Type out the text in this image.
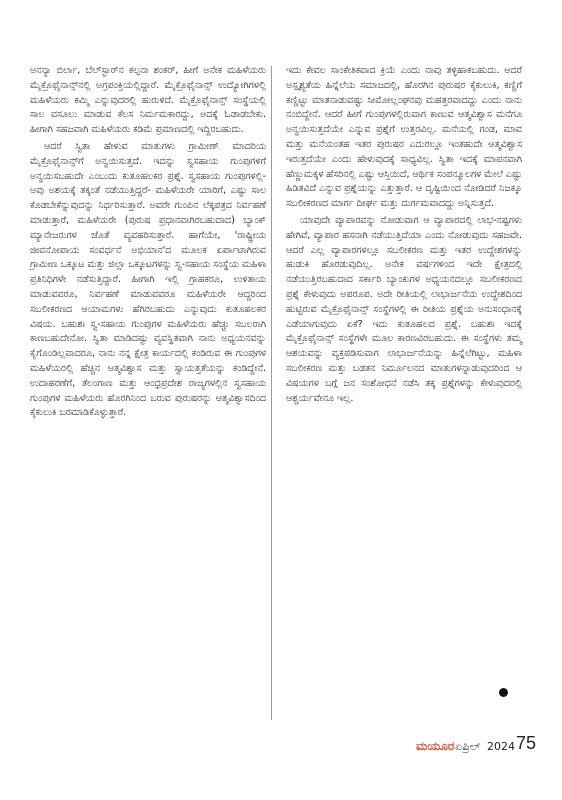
ಅನನ್ಯಾ ಬಿರ್ಲಾ, ಬೆಲ್‌ಸ್ಟಾರ್‌ನ ಕಲ್ಪನಾ ಶಂಕರ್, ಹೀಗೆ ಅನೇಕ ಮಹಿಳೆಯರು ಮೈಕ್ರೊಫೈನಾನ್ಸ್‌ನಲ್ಲಿ ಅಗ್ರಪಂಕ್ತಿಯಲ್ಲಿದ್ದಾರೆ. ಮೈಕ್ರೊಫೈನಾನ್ಸ್ ಉದ್ಯೋಗಿಗಳಲ್ಲಿ ಮಹಿಳೆಯರು ಕಮ್ಮಿ ಎನ್ನುವುದರಲ್ಲಿ ಹುರುಳಿದೆ. ಮೈಕ್ರೊಫೈನಾನ್ಸ್ ಸಂಸ್ಥೆಯಲ್ಲಿ ಸಾಲ ವಸೂಲು ಮಾಡುವ ಕೆಲಸ ನಿರ್ಮಮಕಾರದ್ದು, ಅದಕ್ಕೆ ಓಡಾಡಬೇಕು. ಹೀಗಾಗಿ ಸಹಜವಾಗಿ ಮಹಿಳೆಯರು ಕಡಿಮೆ ಪ್ರಮಾಣದಲ್ಲಿ ಇದ್ದಿರಬಹುದು.

ಆದರೆ ಸ್ವಿತಾ ಹೇಳುವ ಮಾತುಗಳು ಗ್ರಾಮೀಣ್ ಮಾದರಿಯ ಮೈಕ್ರೊಫೈನಾನ್ಸ್‌ಗೆ ಅನ್ವಯಿಸುತ್ತದೆ. ಇದನ್ನು ಸ್ವಸಹಾಯ ಗುಂಪುಗಳಿಗೆ ಅನ್ವಯಿಸಬಹುದೇ ಎಂಬುದು ಕುತೂಹಲಕರ ಪ್ರಶ್ನೆ. ಸ್ವಸಹಾಯ ಗುಂಪುಗಳಲ್ಲಿ- ಅವು ಅಶಯಕ್ಕೆ ತಕ್ಕಂತೆ ನಡೆಯುತ್ತಿದ್ದರೆ- ಮಹಿಳೆಯರೇ ಯಾರಿಗೆ, ಎಷ್ಟು ಸಾಲ ಕೊಡಬೇಕೆನ್ನುವುದನ್ನು ನಿರ್ಧರಿಸುತ್ತಾರೆ. ಅವರೇ ಗುಂಪಿನ ಲೆಕ್ಕಪತ್ರದ ನಿರ್ವಹಣೆ ಮಾಡುತ್ತಾರೆ, ಮಹಿಳೆಯರೇ (ಪುರುಷ ಪ್ರಧಾನವಾಗಿರಬಹುದಾದ) ಬ್ಯಾಂಕ್ ಮ್ಯಾನೇಜರುಗಳ ಜೊತೆ ವ್ಯವಹರಿಸುತ್ತಾರೆ. ಹಾಗೆಯೇ, 'ರಾಷ್ಟ್ರೀಯ ಜೀವನೋಪಾಯ ಸಂವರ್ಧನೆ ಅಭಿಯಾನ'ದ ಮೂಲಕ ಏರ್ಪಾಟಾಗಿರುವ ಗ್ರಾಮೀಣ ಒಕ್ಕೂಟ ಮತ್ತು ಜಿಲ್ಲಾ ಒಕ್ಕೂಟಗಳನ್ನು ಸ್ವ-ಸಹಾಯ ಸಂಸ್ಥೆಯ ಮಹಿಳಾ ಪ್ರತಿನಿಧಿಗಳೇ ನಡೆಸುತ್ತಿದ್ದಾರೆ. ಹೀಗಾಗಿ ಇಲ್ಲಿ ಗ್ರಾಹಕರೂ, ಉಳಿತಾಯ ಮಾಡುವವರೂ, ನಿರ್ವಹಣೆ ಮಾಡುವವರೂ ಮಹಿಳೆಯರೇ ಆದ್ದರಿಂದ ಸಬಲೀಕರಣದ ಆಯಾಮಗಳು ಹೆಗಿರಬಹುದು ಎನ್ನುವುದು ಕುತೂಹಲಕರ ವಿಷಯ. ಬಹುಶಃ ಸ್ವ-ಸಹಾಯ ಗುಂಪುಗಳ ಮಹಿಳೆಯರು ಹೆಚ್ಚು ಸಬಲರಾಗಿ ಕಾಣಬಹುದೇನೋ. ಸ್ವಿತಾ ಮಾಡಿದಷ್ಟು ವ್ಯವಸ್ಥಿತವಾಗಿ ನಾನು ಅಧ್ಯಯನವನ್ನು ಕೈಗೊಂಡಿಲ್ಲವಾದರೂ, ನಾನು ನನ್ನ ಕ್ಷೇತ್ರ ಕಾರ್ಯದಲ್ಲಿ ಕಂಡಿರುವ ಈ ಗುಂಪುಗಳ ಮಹಿಳೆಯರಲ್ಲಿ ಹೆಚ್ಚಿನ ಆತ್ಮವಿಶ್ವಾಸ ಮತ್ತು ಸ್ವಾಯತ್ತತೆಯನ್ನು ಕಂಡಿದ್ದೇನೆ. ಉದಾಹರಣೆಗೆ, ತೆಲಂಗಾಣ ಮತ್ತು ಆಂಧ್ರಪ್ರದೇಶ ರಾಜ್ಯಗಳಲ್ಲಿನ ಸ್ವಸಹಾಯ ಗುಂಪುಗಳ ಮಹಿಳೆಯರು ಹೊರಗಿನಿಂದ ಬರುವ ಪುರುಷರನ್ನು ಆತ್ಮವಿಶ್ವಾಸದಿಂದ ಕೈಕುಲುಕಿ ಬರಮಾಡಿಕೊಳ್ಳುತ್ತಾರೆ.

ಇದು ಕೇವಲ ಸಾಂಕೇತಿಕವಾದ ಕ್ರಿಯೆ ಎಂದು ನಾವು ತಳ್ಳಿಹಾಕಬಹುದು. ಆದರೆ ಅಸ್ಪೃಶ್ಯತೆಯ ಹಿನ್ನೆಲೆಯ ಸಮಾಜದಲ್ಲಿ, ಹೊರಗಿನ ಪುರುಷರ ಕೈಕುಲುಕಿ, ಕಣ್ಣಿಗೆ ಕಣ್ಣಿಟ್ಟು ಮಾತನಾಡುವಷ್ಟು ಸೀಮೋಲ್ಲಂಘನವು ಮಹತ್ತರವಾದದ್ದು ಎಂದು ನಾನು ನಂಬಿದ್ದೇನೆ. ಆದರೆ ಹೀಗೆ ಗುಂಪುಗಳಲ್ಲಿರುವಾಗ ಕಾಣುವ ಆತ್ಮವಿಶ್ವಾಸ ಮನೆಗೂ ಅನ್ವಯಿಸುತ್ತದೆಯೇ ಎನ್ನುವ ಪ್ರಶ್ನೆಗೆ ಉತ್ತರವಿಲ್ಲ. ಮನೆಯಲ್ಲಿ ಗಂಡ, ಮಾವ ಮತ್ತು ಮನೆಯಂತಹ ಇತರ ಪುರುಷರ ಎದುರಲ್ಲೂ ಇಂತಹುದೇ ಆತ್ಮವಿಶ್ವಾಸ ಇರುತ್ತದೆಯೇ ಎಂದು ಹೇಳುವುದಕ್ಕೆ ಸಾಧ್ಯವಿಲ್ಲ. ಸ್ವಿತಾ ಇದಕ್ಕೆ ಮಾಪನವಾಗಿ ಹೆಣ್ಣುಮಕ್ಕಳ ಹೆಸರಿನಲ್ಲಿ ಎಷ್ಟು ಆಸ್ತಿಯಿದೆ, ಆರ್ಥಿಕ ಸಂಪನ್ಮೂಲಗಳ ಮೇಲೆ ಎಷ್ಟು ಹಿಡಿತವಿದೆ ಎನ್ನುವ ಪ್ರಶ್ನೆಯನ್ನು ಎತ್ತುತ್ತಾರೆ. ಆ ದೃಷ್ಟಿಯಿಂದ ನೋಡಿದರೆ ನಿಜಕ್ಕೂ ಸಬಲೀಕರಣದ ಮಾರ್ಗ ದೀರ್ಘ ಮತ್ತು ದುರ್ಗಮವಾದದ್ದು ಅನ್ನಿಸುತ್ತದೆ.

ಯಾವುದೇ ವ್ಯಾಪಾರವನ್ನು ನೋಡುವಾಗ ಆ ವ್ಯಾಪಾರದಲ್ಲಿ ಲಾಭ-ನಷ್ಟಗಳು ಹೇಗಿವೆ, ವ್ಯಾಪಾರ ಹಸನಾಗಿ ನಡೆಯುತ್ತಿದೆಯಾ ಎಂದು ನೋಡುವುದು ಸಹಜವೇ. ಆದರೆ ಎಲ್ಲ ವ್ಯಾಪಾರಗಳಲ್ಲೂ ಸಬಲೀಕರಣ ಮತ್ತು ಇತರ ಉದ್ದೇಶಗಳನ್ನು ಹುಡುಕಿ ಹೊರಡುವುದಿಲ್ಲ. ಅನೇಕ ವರ್ಷಗಳಿಂದ ಇದೇ ಕ್ಷೇತ್ರದಲ್ಲಿ ನಡೆಯುತ್ತಿರಬಹುದಾದ ಸರ್ಕಾರಿ ಬ್ಯಾಂಕುಗಳ ಅಧ್ಯಯನದಲ್ಲೂ ಸಬಲೀಕರಣದ ಪ್ರಶ್ನೆ ಕೇಳುವುದು ಅಪರೂಪ. ಅದೇ ರೀತಿಯಲ್ಲಿ ಲಾಭಾರ್ಜನೆಯ ಉದ್ದೇಶದಿಂದ ಹುಟ್ಟಿರುವ ಮೈಕ್ರೊಫೈನಾನ್ಸ್ ಸಂಸ್ಥೆಗಳಲ್ಲಿ ಈ ರೀತಿಯ ಪ್ರಶ್ನೆಯ ಅನುಸಂಧಾನಕ್ಕೆ ಎಡೆಯಾಗುವುದು ಏಕೆ? ಇದು ಕುತೂಹಲದ ಪ್ರಶ್ನೆ. ಬಹುಶಃ ಇದಕ್ಕೆ ಮೈಕ್ರೊಫೈನಾನ್ಸ್ ಸಂಸ್ಥೆಗಳೇ ಮೂಲ ಕಾರಣವಿರಬಹುದು. ಈ ಸಂಸ್ಥೆಗಳು ತಮ್ಮ ಆಶಯವನ್ನು ವ್ಯಕ್ತಪಡಿಸುವಾಗ ಲಾಭಾರ್ಜನೆಯನ್ನು ಹಿನ್ನೆಲೆಗಿಟ್ಟು, ಮಹಿಳಾ ಸಬಲೀಕರಣ ಮತ್ತು ಬಡತನ ನಿರ್ಮೂಲನದ ಮಾತುಗಳನ್ನಾಡುವುದರಿಂದ ಆ ವಿಷಯಗಳ ಬಗ್ಗೆ ಜನ ಸಂಶೋಧನೆ ನಡೆಸಿ ತಕ್ಕ ಪ್ರಶ್ನೆಗಳನ್ನು ಕೇಳುವುದರಲ್ಲಿ ಆಶ್ಚರ್ಯವೇನೂ ಇಲ್ಲ.

ಮಯೂರ ಏಪ್ರಿಲ್ 2024 75
